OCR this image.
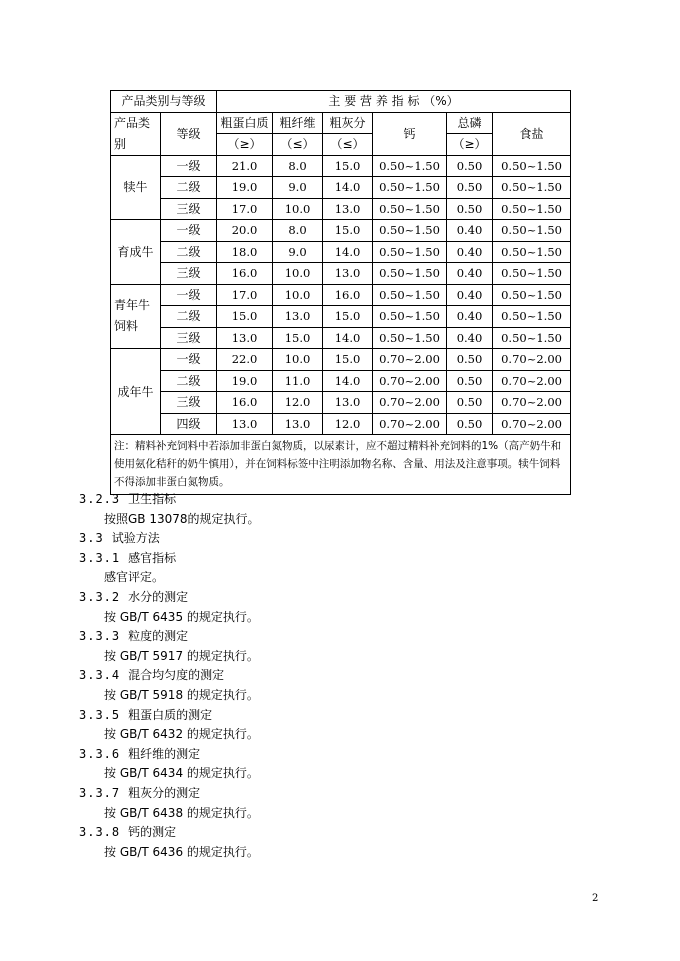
产品类别与等级		主 要 营 养 指 标 （%）					

产品类别	等级	粗蛋白质	粗纤维	粗灰分	钙	总磷	食盐
		（≥）	（≤）	（≤）		（≥）	
犊牛	一级	21.0	8.0	15.0	0.50~1.50	0.50	0.50~1.50
	二级	19.0	9.0	14.0	0.50~1.50	0.50	0.50~1.50
	三级	17.0	10.0	13.0	0.50~1.50	0.50	0.50~1.50
育成牛	一级	20.0	8.0	15.0	0.50~1.50	0.40	0.50~1.50
	二级	18.0	9.0	14.0	0.50~1.50	0.40	0.50~1.50
	三级	16.0	10.0	13.0	0.50~1.50	0.40	0.50~1.50
青年牛饲料	一级	17.0	10.0	16.0	0.50~1.50	0.40	0.50~1.50
	二级	15.0	13.0	15.0	0.50~1.50	0.40	0.50~1.50
	三级	13.0	15.0	14.0	0.50~1.50	0.40	0.50~1.50
成年牛	一级	22.0	10.0	15.0	0.70~2.00	0.50	0.70~2.00
	二级	19.0	11.0	14.0	0.70~2.00	0.50	0.70~2.00
	三级	16.0	12.0	13.0	0.70~2.00	0.50	0.70~2.00
	四级	13.0	13.0	12.0	0.70~2.00	0.50	0.70~2.00
注：精料补充饲料中若添加非蛋白氮物质，以尿素计，应不超过精料补充饲料的1%（高产奶牛和使用氨化秸秆的奶牛慎用），并在饲料标签中注明添加物名称、含量、用法及注意事项。犊牛饲料不得添加非蛋白氮物质。							
3.2.3 卫生指标
按照GB 13078的规定执行。
3.3 试验方法
3.3.1 感官指标
感官评定。
3.3.2 水分的测定
按 GB/T 6435 的规定执行。
3.3.3 粒度的测定
按 GB/T 5917 的规定执行。
3.3.4 混合均匀度的测定
按 GB/T 5918 的规定执行。
3.3.5 粗蛋白质的测定
按 GB/T 6432 的规定执行。
3.3.6 粗纤维的测定
按 GB/T 6434 的规定执行。
3.3.7 粗灰分的测定
按 GB/T 6438 的规定执行。
3.3.8 钙的测定
按 GB/T 6436 的规定执行。
2
